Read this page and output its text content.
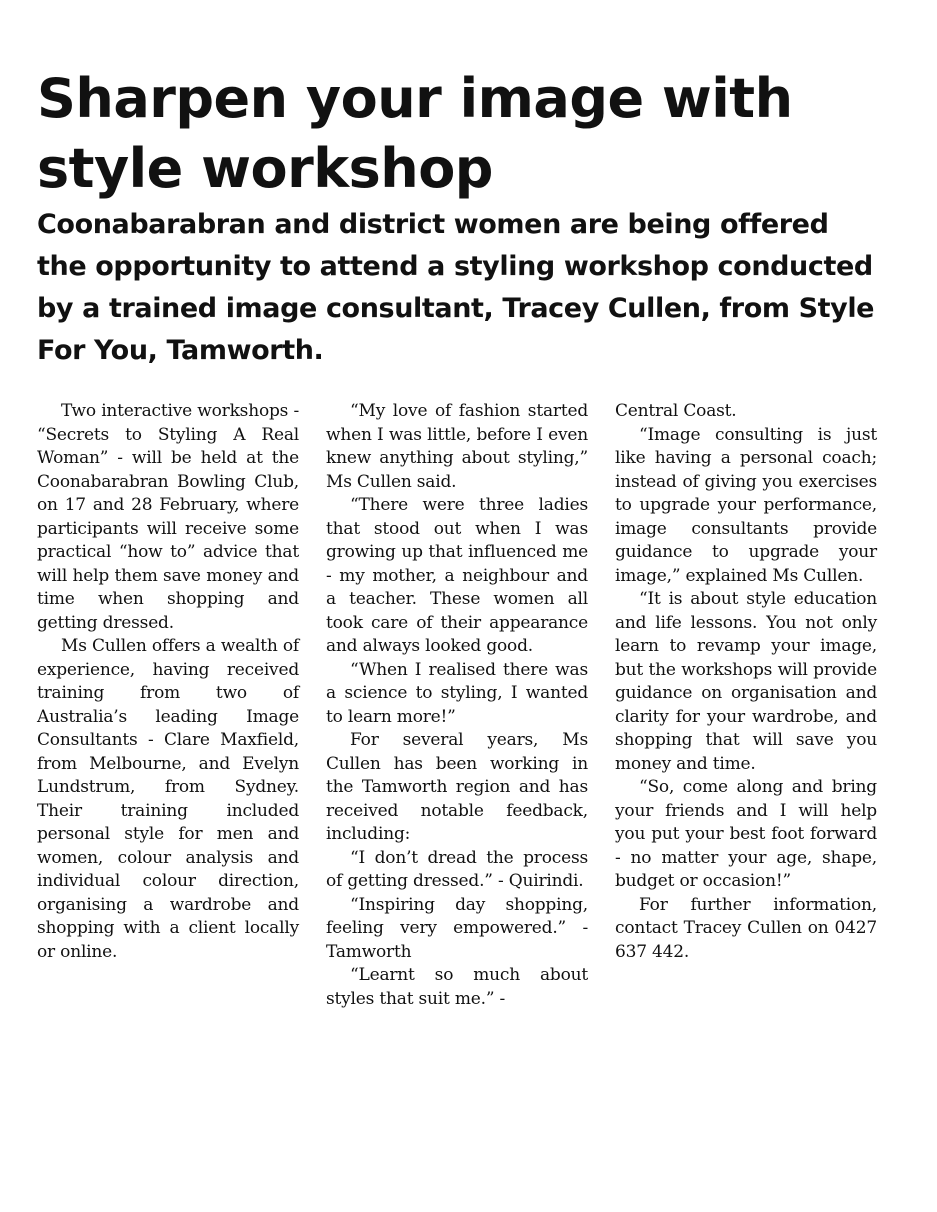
Sharpen your image with style workshop
Coonabarabran and district women are being offered the opportunity to attend a styling workshop conducted by a trained image consultant, Tracey Cullen, from Style For You, Tamworth.

Two interactive workshops - “Secrets to Styling A Real Woman” - will be held at the Coonabarabran Bowling Club, on 17 and 28 February, where participants will receive some practical “how to” advice that will help them save money and time when shopping and getting dressed.

Ms Cullen offers a wealth of experience, having received training from two of Australia’s leading Image Consultants - Clare Maxfield, from Melbourne, and Evelyn Lundstrum, from Sydney. Their training included personal style for men and women, colour analysis and individual colour direction, organising a wardrobe and shopping with a client locally or online.

“My love of fashion started when I was little, before I even knew anything about styling,” Ms Cullen said.

“There were three ladies that stood out when I was growing up that influenced me - my mother, a neighbour and a teacher. These women all took care of their appearance and always looked good.

“When I realised there was a science to styling, I wanted to learn more!”

For several years, Ms Cullen has been working in the Tamworth region and has received notable feedback, including:

“I don’t dread the process of getting dressed.” - Quirindi.

“Inspiring day shopping, feeling very empowered.” - Tamworth

“Learnt so much about styles that suit me.” -

Central Coast.

“Image consulting is just like having a personal coach; instead of giving you exercises to upgrade your performance, image consultants provide guidance to upgrade your image,” explained Ms Cullen.

“It is about style education and life lessons. You not only learn to revamp your image, but the workshops will provide guidance on organisation and clarity for your wardrobe, and shopping that will save you money and time.

“So, come along and bring your friends and I will help you put your best foot forward - no matter your age, shape, budget or occasion!”

For further information, contact Tracey Cullen on 0427 637 442.
